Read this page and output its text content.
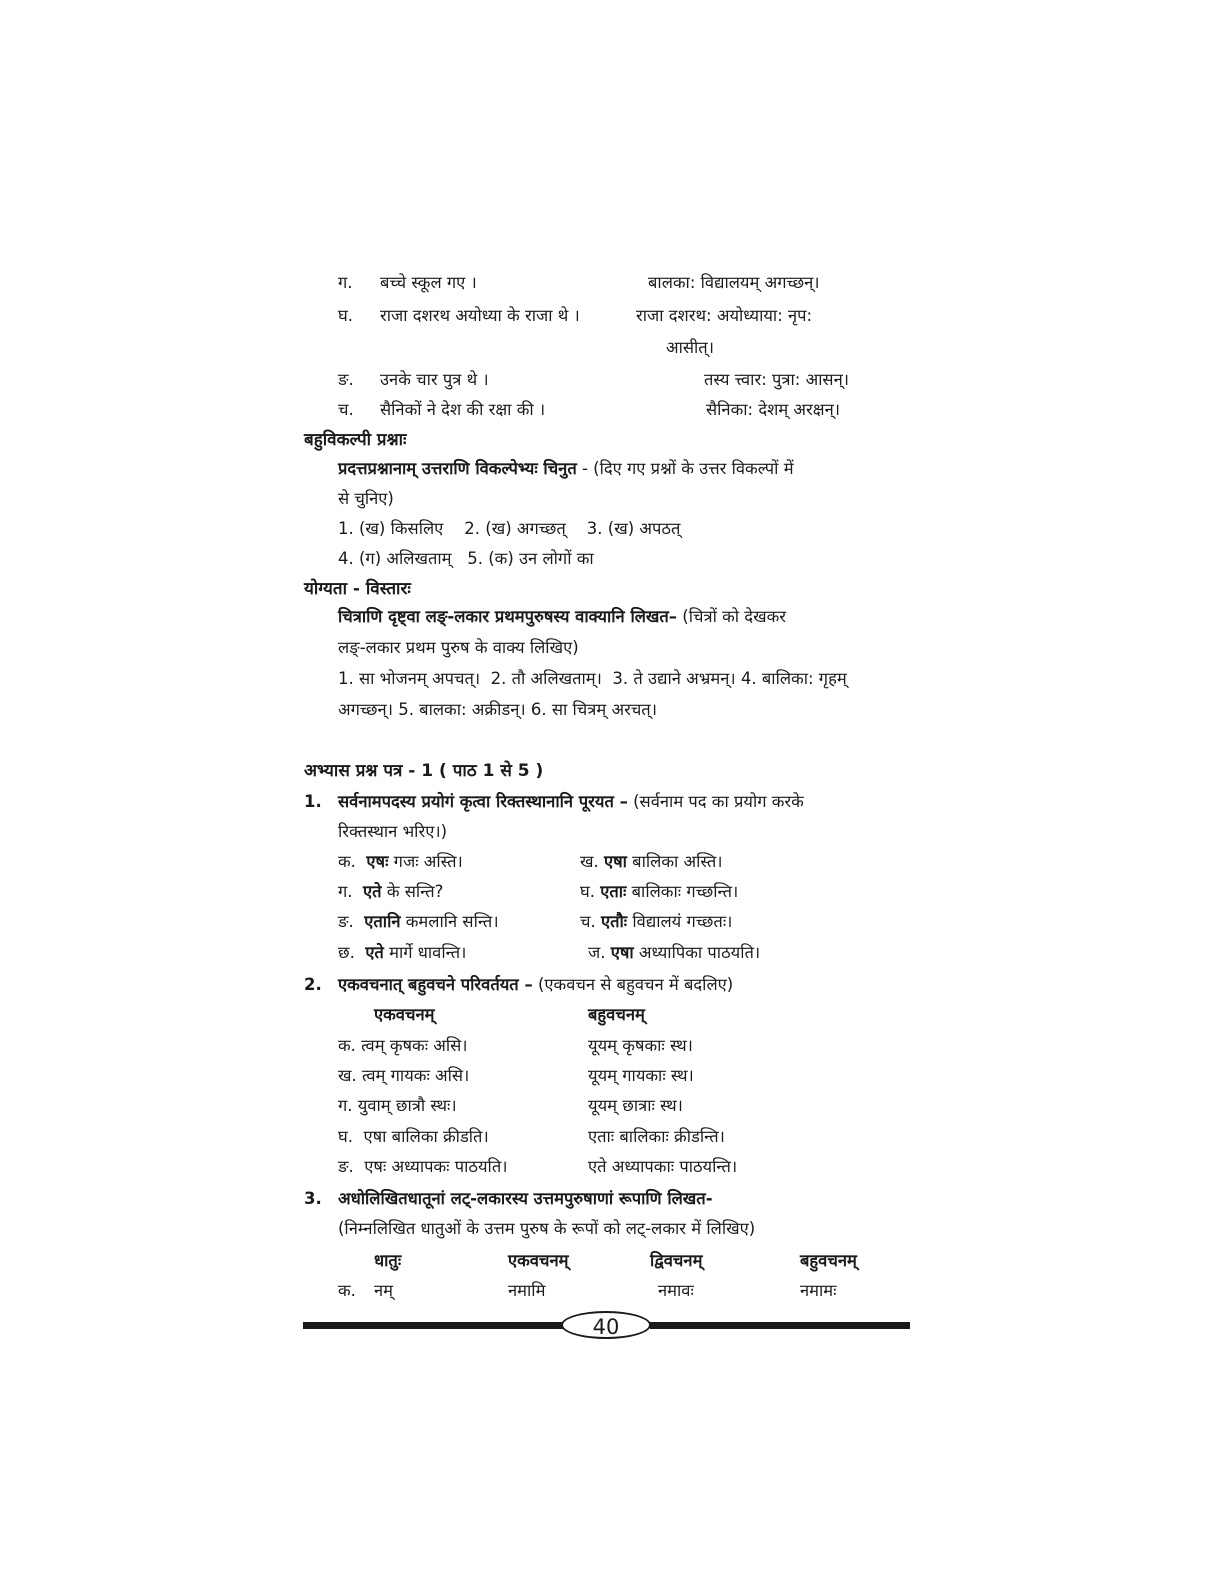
ग. बच्चे स्कूल गए ।	बालका: विद्यालयम् अगच्छन्।
घ. राजा दशरथ अयोध्या के राजा थे ।	राजा दशरथ: अयोध्याया: नृप:
आसीत्।
ङ. उनके चार पुत्र थे ।	तस्य त्त्वार: पुत्रा: आसन्।
च. सैनिकों ने देश की रक्षा की ।	सैनिका: देशम् अरक्षन्।
बहुविकल्पी प्रश्नाः
प्रदत्तप्रश्नानाम् उत्तराणि विकल्पेभ्यः चिनुत - (दिए गए प्रश्नों के उत्तर विकल्पों में
से चुनिए)
1. (ख) किसलिए    2. (ख) अगच्छत्    3. (ख) अपठत्
4. (ग) अलिखताम्   5. (क) उन लोगों का
योग्यता - विस्तारः
चित्राणि दृष्ट्वा लङ्-लकार प्रथमपुरुषस्य वाक्यानि लिखत– (चित्रों को देखकर
लङ्-लकार प्रथम पुरुष के वाक्य लिखिए)
1. सा भोजनम् अपचत्।  2. तौ अलिखताम्।  3. ते उद्याने अभ्रमन्। 4. बालिका: गृहम्
अगच्छन्। 5. बालका: अक्रीडन्। 6. सा चित्रम् अरचत्।
अभ्यास प्रश्न पत्र - 1 ( पाठ 1 से 5 )
1. सर्वनामपदस्य प्रयोगं कृत्वा रिक्तस्थानानि पूरयत – (सर्वनाम पद का प्रयोग करके
रिक्तस्थान भरिए।)
क. एषः गजः अस्ति।	ख. एषा बालिका अस्ति।
ग. एते के सन्ति?	घ. एताः बालिकाः गच्छन्ति।
ङ. एतानि कमलानि सन्ति।	च. एतौः विद्यालयं गच्छतः।
छ. एते मार्गे धावन्ति।	ज. एषा अध्यापिका पाठयति।
2. एकवचनात् बहुवचने परिवर्तयत – (एकवचन से बहुवचन में बदलिए)
एकवचनम्	बहुवचनम्
क. त्वम् कृषकः असि।	यूयम् कृषकाः स्थ।
ख. त्वम् गायकः असि।	यूयम् गायकाः स्थ।
ग. युवाम् छात्रौ स्थः।	यूयम् छात्राः स्थ।
घ.  एषा बालिका क्रीडति।	एताः बालिकाः क्रीडन्ति।
ङ.  एषः अध्यापकः पाठयति।	एते अध्यापकाः पाठयन्ति।
3. अधोलिखितधातूनां लट्-लकारस्य उत्तमपुरुषाणां रूपाणि लिखत-
(निम्नलिखित धातुओं के उत्तम पुरुष के रूपों को लट्-लकार में लिखिए)
धातुः	एकवचनम्	द्विवचनम्	बहुवचनम्
क. नम्	नमामि	नमावः	नमामः
40
